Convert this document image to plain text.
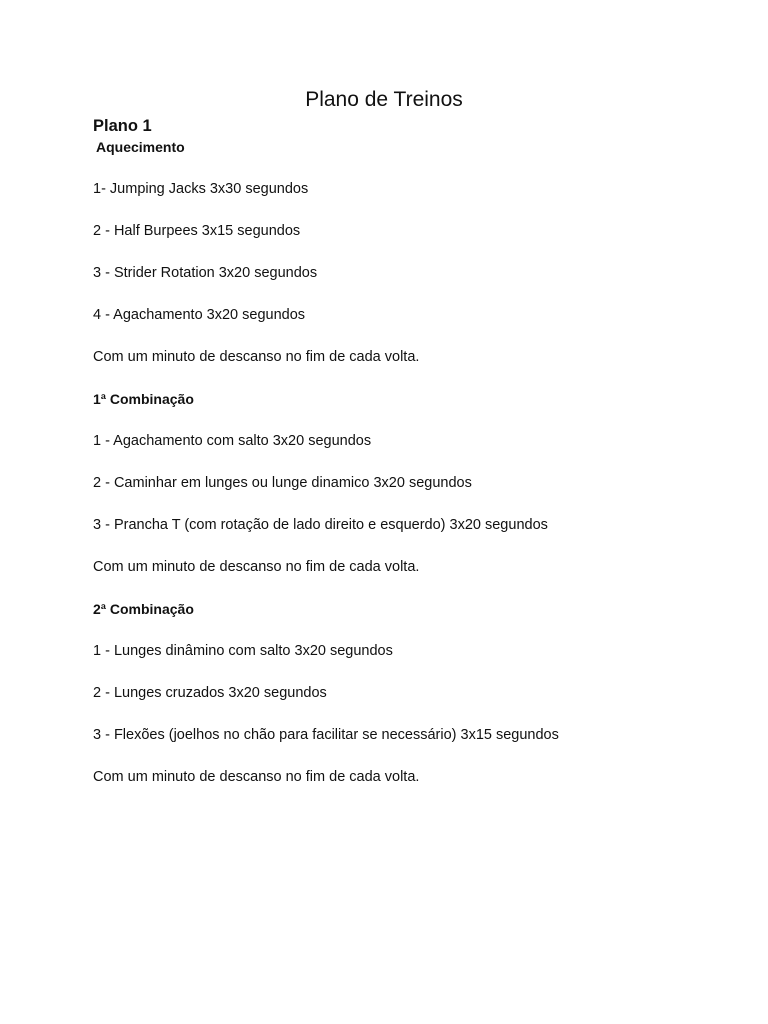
Plano de Treinos
Plano 1
Aquecimento
1- Jumping Jacks 3x30 segundos
2 - Half Burpees 3x15 segundos
3 - Strider Rotation 3x20 segundos
4 - Agachamento 3x20 segundos
Com um minuto de descanso no fim de cada volta.
1ª Combinação
1 - Agachamento com salto 3x20 segundos
2 - Caminhar em lunges ou lunge dinamico 3x20 segundos
3 - Prancha T (com rotação de lado direito e esquerdo) 3x20 segundos
Com um minuto de descanso no fim de cada volta.
2ª Combinação
1 - Lunges dinâmino com salto 3x20 segundos
2 - Lunges cruzados 3x20 segundos
3 - Flexões (joelhos no chão para facilitar se necessário) 3x15 segundos
Com um minuto de descanso no fim de cada volta.
